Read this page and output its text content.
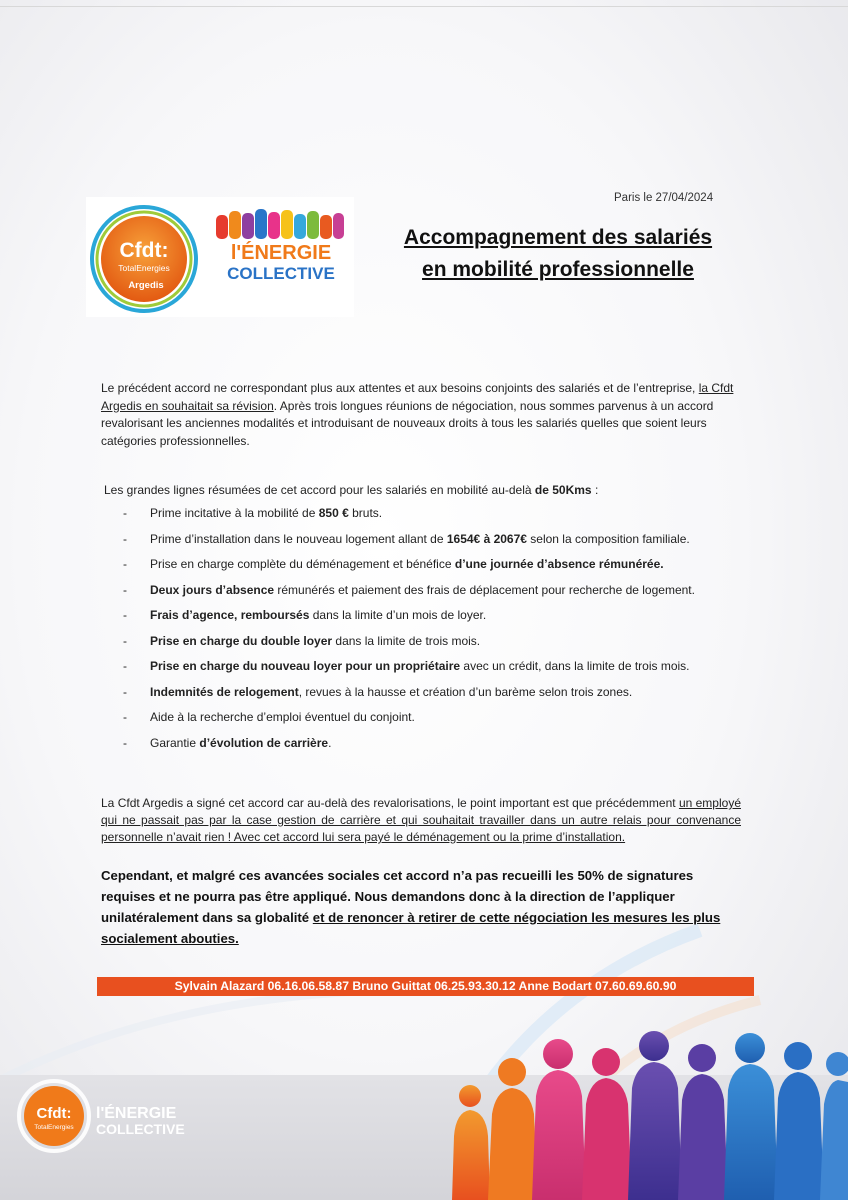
Paris le 27/04/2024
Cfdt:
TotalEnergies
Argedis
l'ÉNERGIE
COLLECTIVE
Accompagnement des salariés
en mobilité professionnelle
Le précédent accord ne correspondant plus aux attentes et aux besoins conjoints des salariés et de l’entreprise, la Cfdt Argedis en souhaitait sa révision. Après trois longues réunions de négociation, nous sommes parvenus à un accord revalorisant les anciennes modalités et introduisant de nouveaux droits à tous les salariés quelles que soient leurs catégories professionnelles.
Les grandes lignes résumées de cet accord pour les salariés en mobilité au-delà de 50Kms :
- Prime incitative à la mobilité de 850 € bruts.
- Prime d’installation dans le nouveau logement allant de 1654€ à 2067€ selon la composition familiale.
- Prise en charge complète du déménagement et bénéfice d’une journée d’absence rémunérée.
- Deux jours d’absence rémunérés et paiement des frais de déplacement pour recherche de logement.
- Frais d’agence, remboursés dans la limite d’un mois de loyer.
- Prise en charge du double loyer dans la limite de trois mois.
- Prise en charge du nouveau loyer pour un propriétaire avec un crédit, dans la limite de trois mois.
- Indemnités de relogement, revues à la hausse et création d’un barème selon trois zones.
- Aide à la recherche d’emploi éventuel du conjoint.
- Garantie d’évolution de carrière.
La Cfdt Argedis a signé cet accord car au-delà des revalorisations, le point important est que précédemment un employé qui ne passait pas par la case gestion de carrière et qui souhaitait travailler dans un autre relais pour convenance personnelle n’avait rien ! Avec cet accord lui sera payé le déménagement ou la prime d’installation.
Cependant, et malgré ces avancées sociales cet accord n’a pas recueilli les 50% de signatures requises et ne pourra pas être appliqué. Nous demandons donc à la direction de l’appliquer unilatéralement dans sa globalité et de renoncer à retirer de cette négociation les mesures les plus socialement abouties.
Sylvain Alazard 06.16.06.58.87 Bruno Guittat 06.25.93.30.12 Anne Bodart 07.60.69.60.90
Cfdt:
TotalEnergies
l'ÉNERGIE
COLLECTIVE
